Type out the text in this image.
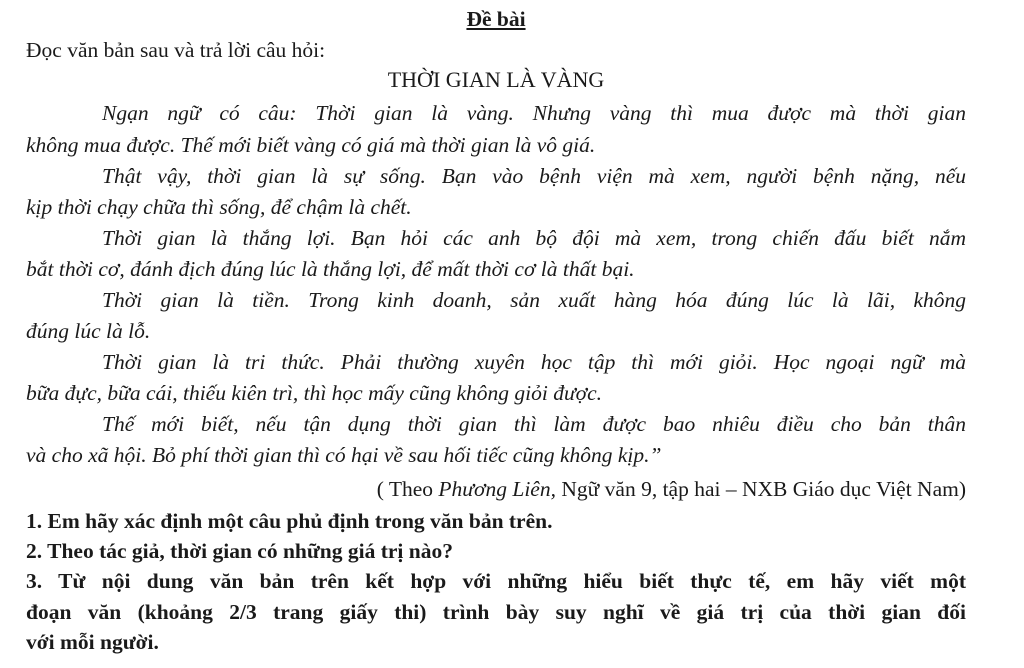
Đề bài
Đọc văn bản sau và trả lời câu hỏi:
THỜI GIAN LÀ VÀNG
Ngạn ngữ có câu: Thời gian là vàng. Nhưng vàng thì mua được mà thời gian
không mua được. Thế mới biết vàng có giá mà thời gian là vô giá.
Thật vậy, thời gian là sự sống. Bạn vào bệnh viện mà xem, người bệnh nặng, nếu
kịp thời chạy chữa thì sống, để chậm là chết.
Thời gian là thắng lợi. Bạn hỏi các anh bộ đội mà xem, trong chiến đấu biết nắm
bắt thời cơ, đánh địch đúng lúc là thắng lợi, để mất thời cơ là thất bại.
Thời gian là tiền. Trong kinh doanh, sản xuất hàng hóa đúng lúc là lãi, không
đúng lúc là lỗ.
Thời gian là tri thức. Phải thường xuyên học tập thì mới giỏi. Học ngoại ngữ mà
bữa đực, bữa cái, thiếu kiên trì, thì học mấy cũng không giỏi được.
Thế mới biết, nếu tận dụng thời gian thì làm được bao nhiêu điều cho bản thân
và cho xã hội. Bỏ phí thời gian thì có hại về sau hối tiếc cũng không kịp.”
( Theo Phương Liên, Ngữ văn 9, tập hai – NXB Giáo dục Việt Nam)
1. Em hãy xác định một câu phủ định trong văn bản trên.
2. Theo tác giả, thời gian có những giá trị nào?
3. Từ nội dung văn bản trên kết hợp với những hiểu biết thực tế, em hãy viết một
đoạn văn (khoảng 2/3 trang giấy thi) trình bày suy nghĩ về giá trị của thời gian đối
với mỗi người.
